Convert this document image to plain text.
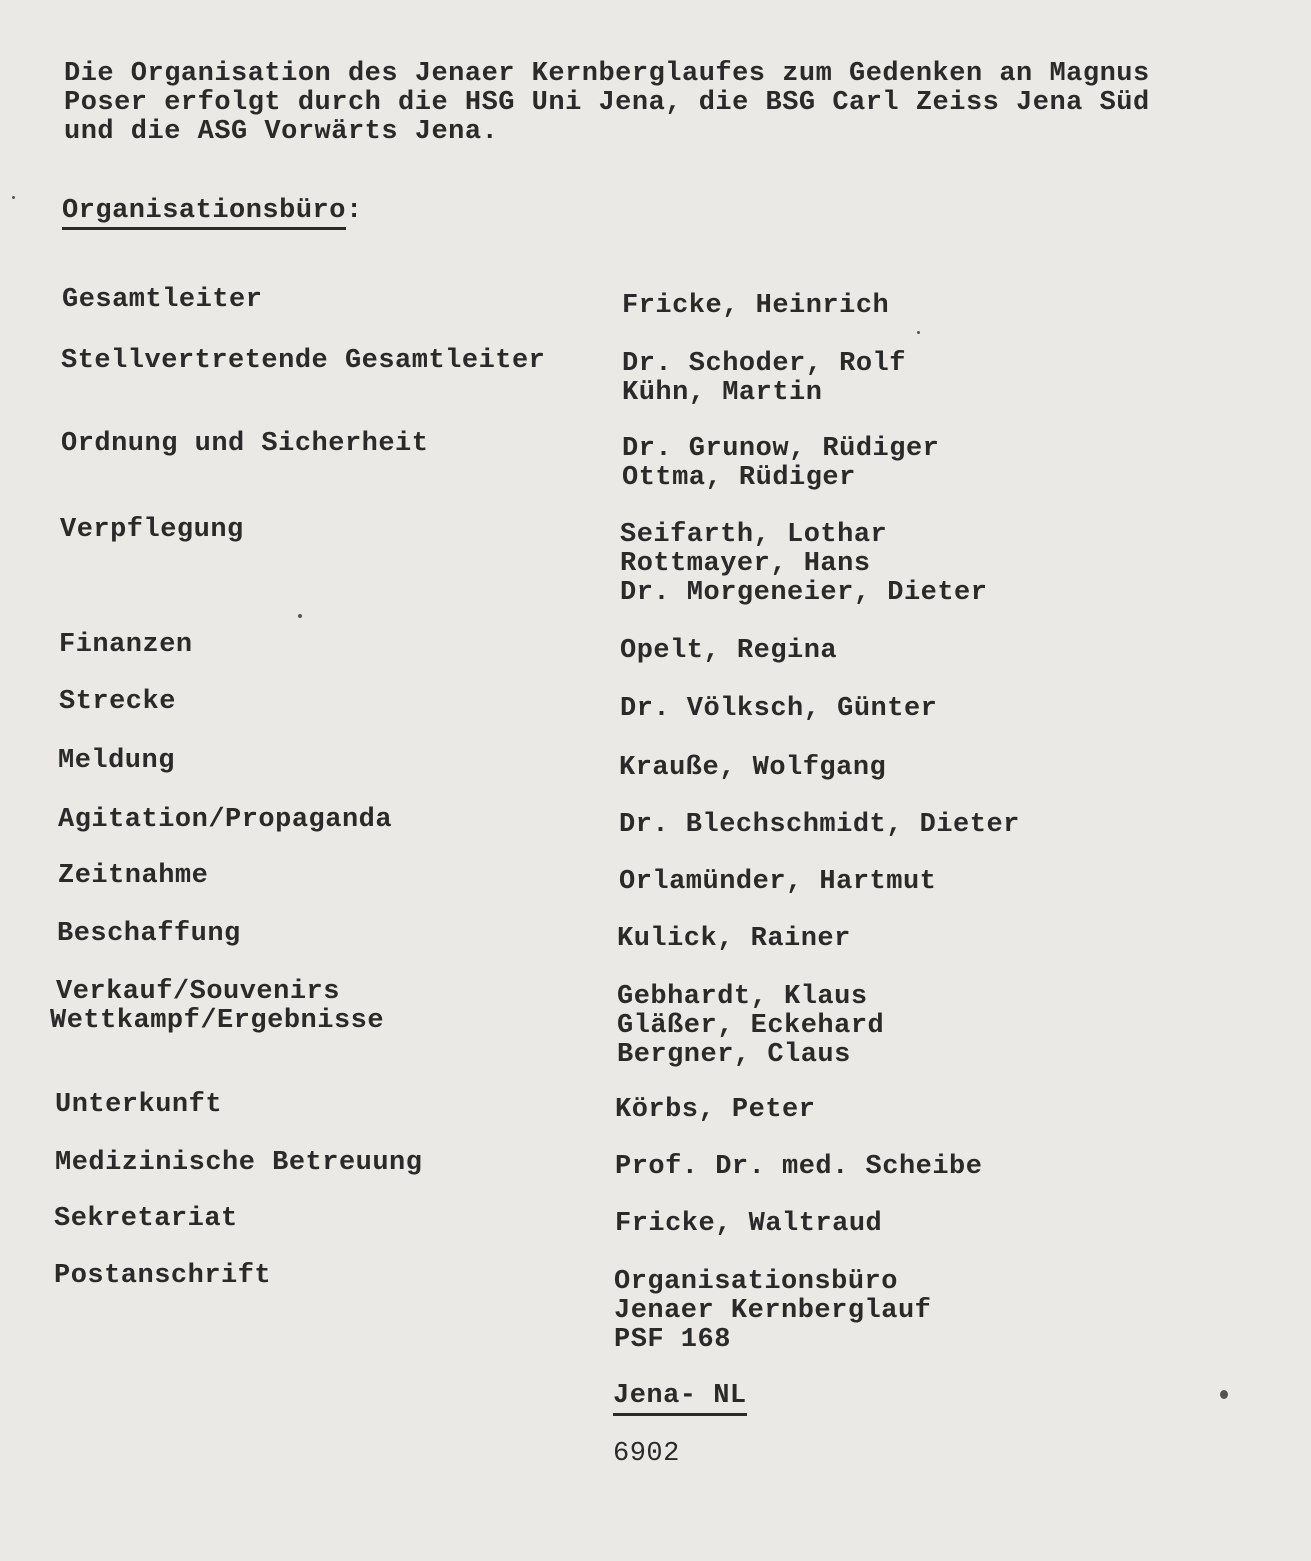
Die Organisation des Jenaer Kernberglaufes zum Gedenken an Magnus
Poser erfolgt durch die HSG Uni Jena, die BSG Carl Zeiss Jena Süd
und die ASG Vorwärts Jena.
Organisationsbüro:
Gesamtleiter
Stellvertretende Gesamtleiter
Ordnung und Sicherheit
Verpflegung
Finanzen
Strecke
Meldung
Agitation/Propaganda
Zeitnahme
Beschaffung
Verkauf/Souvenirs
Wettkampf/Ergebnisse
Unterkunft
Medizinische Betreuung
Sekretariat
Postanschrift
Fricke, Heinrich
Dr. Schoder, Rolf
Kühn, Martin
Dr. Grunow, Rüdiger
Ottma, Rüdiger
Seifarth, Lothar
Rottmayer, Hans
Dr. Morgeneier, Dieter
Opelt, Regina
Dr. Völksch, Günter
Krauße, Wolfgang
Dr. Blechschmidt, Dieter
Orlamünder, Hartmut
Kulick, Rainer
Gebhardt, Klaus
Gläßer, Eckehard
Bergner, Claus
Körbs, Peter
Prof. Dr. med. Scheibe
Fricke, Waltraud
Organisationsbüro
Jenaer Kernberglauf
PSF 168
Jena- NL
6902
